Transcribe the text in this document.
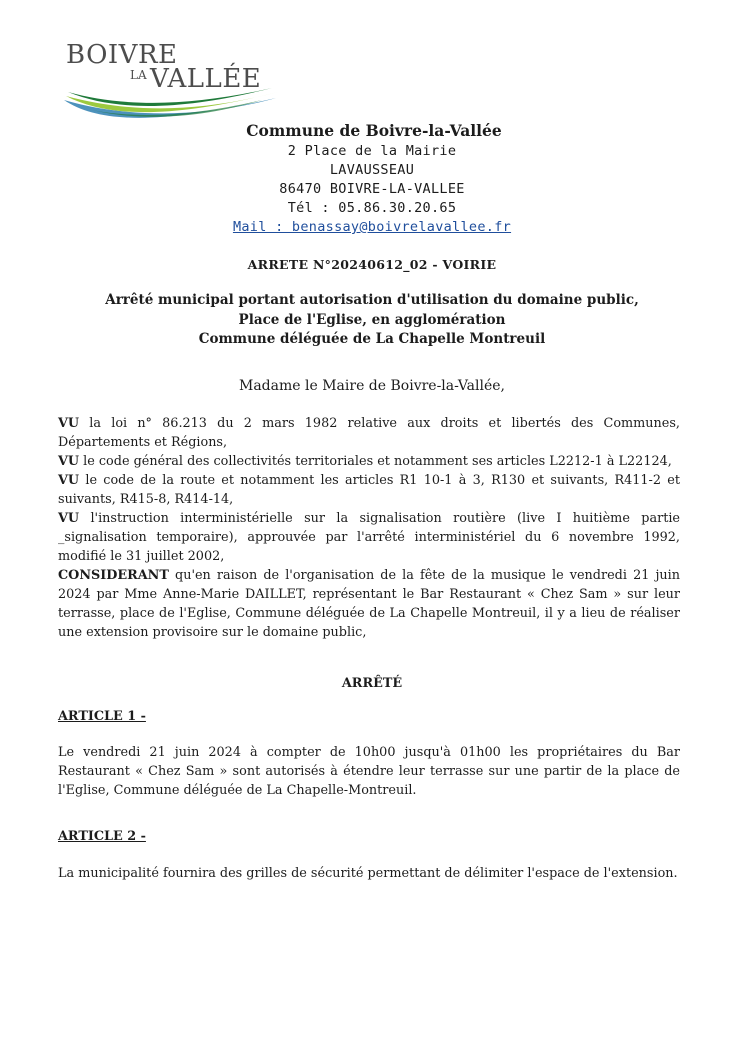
BOIVRE
LA VALLÉE
Commune de Boivre-la-Vallée
2 Place de la Mairie
LAVAUSSEAU
86470 BOIVRE-LA-VALLEE
Tél : 05.86.30.20.65
Mail : benassay@boivrelavallee.fr
ARRETE N°20240612_02 - VOIRIE
Arrêté municipal portant autorisation d'utilisation du domaine public,
Place de l'Eglise, en agglomération
Commune déléguée de La Chapelle Montreuil
Madame le Maire de Boivre-la-Vallée,

VU la loi n° 86.213 du 2 mars 1982 relative aux droits et libertés des Communes, Départements et Régions,

VU le code général des collectivités territoriales et notamment ses articles L2212-1 à L22124,

VU le code de la route et notamment les articles R1 10-1 à 3, R130 et suivants, R411-2 et suivants, R415-8, R414-14,

VU l'instruction interministérielle sur la signalisation routière (live I huitième partie _signalisation temporaire), approuvée par l'arrêté interministériel du 6 novembre 1992, modifié le 31 juillet 2002,

CONSIDERANT qu'en raison de l'organisation de la fête de la musique le vendredi 21 juin 2024 par Mme Anne-Marie DAILLET, représentant le Bar Restaurant « Chez Sam » sur leur terrasse, place de l'Eglise, Commune déléguée de La Chapelle Montreuil, il y a lieu de réaliser une extension provisoire sur le domaine public,

ARRÊTÉ
ARTICLE 1 -
Le vendredi 21 juin 2024 à compter de 10h00 jusqu'à 01h00 les propriétaires du Bar Restaurant « Chez Sam » sont autorisés à étendre leur terrasse sur une partir de la place de l'Eglise, Commune déléguée de La Chapelle-Montreuil.
ARTICLE 2 -
La municipalité fournira des grilles de sécurité permettant de délimiter l'espace de l'extension.
